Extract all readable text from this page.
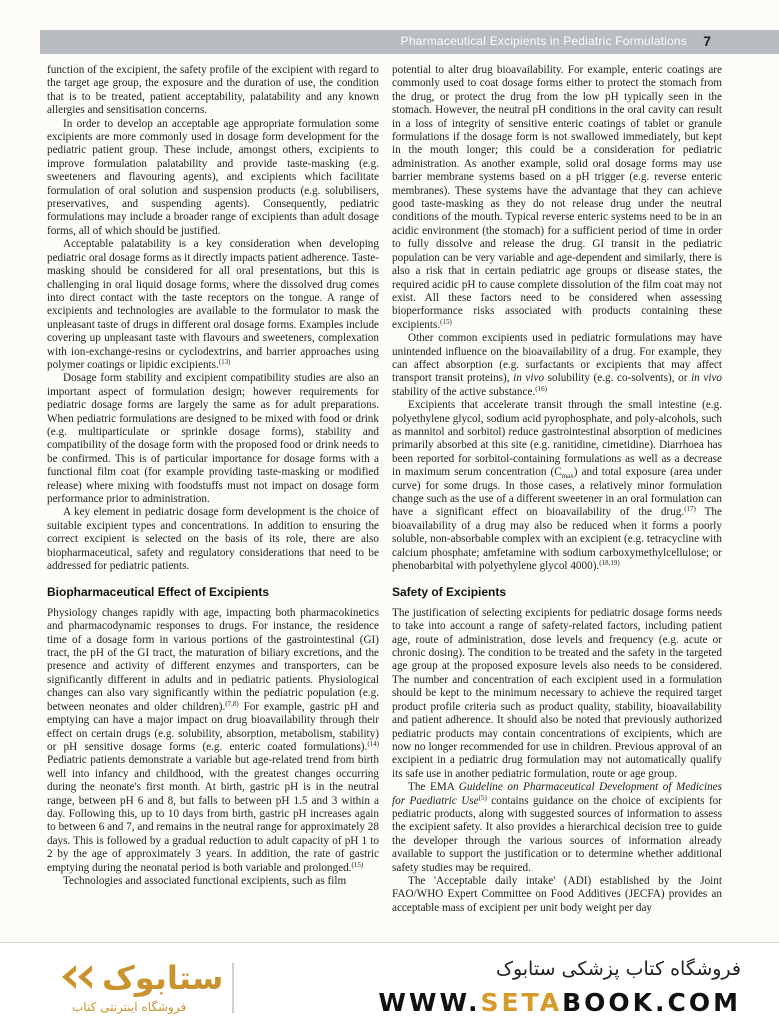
Pharmaceutical Excipients in Pediatric Formulations 7

function of the excipient, the safety profile of the excipient with regard to the target age group, the exposure and the duration of use, the condition that is to be treated, patient acceptability, palatability and any known allergies and sensitisation concerns.

In order to develop an acceptable age appropriate formulation some excipients are more commonly used in dosage form development for the pediatric patient group. These include, amongst others, excipients to improve formulation palatability and provide taste-masking (e.g. sweeteners and flavouring agents), and excipients which facilitate formulation of oral solution and suspension products (e.g. solubilisers, preservatives, and suspending agents). Consequently, pediatric formulations may include a broader range of excipients than adult dosage forms, all of which should be justified.

Acceptable palatability is a key consideration when developing pediatric oral dosage forms as it directly impacts patient adherence. Taste-masking should be considered for all oral presentations, but this is challenging in oral liquid dosage forms, where the dissolved drug comes into direct contact with the taste receptors on the tongue. A range of excipients and technologies are available to the formulator to mask the unpleasant taste of drugs in different oral dosage forms. Examples include covering up unpleasant taste with flavours and sweeteners, complexation with ion-exchange-resins or cyclodextrins, and barrier approaches using polymer coatings or lipidic excipients.$^{(13)}$

Dosage form stability and excipient compatibility studies are also an important aspect of formulation design; however requirements for pediatric dosage forms are largely the same as for adult preparations. When pediatric formulations are designed to be mixed with food or drink (e.g. multiparticulate or sprinkle dosage forms), stability and compatibility of the dosage form with the proposed food or drink needs to be confirmed. This is of particular importance for dosage forms with a functional film coat (for example providing taste-masking or modified release) where mixing with foodstuffs must not impact on dosage form performance prior to administration.

A key element in pediatric dosage form development is the choice of suitable excipient types and concentrations. In addition to ensuring the correct excipient is selected on the basis of its role, there are also biopharmaceutical, safety and regulatory considerations that need to be addressed for pediatric patients.

Biopharmaceutical Effect of Excipients

Physiology changes rapidly with age, impacting both pharmacokinetics and pharmacodynamic responses to drugs. For instance, the residence time of a dosage form in various portions of the gastrointestinal (GI) tract, the pH of the GI tract, the maturation of biliary excretions, and the presence and activity of different enzymes and transporters, can be significantly different in adults and in pediatric patients. Physiological changes can also vary significantly within the pediatric population (e.g. between neonates and older children).$^{(7,8)}$ For example, gastric pH and emptying can have a major impact on drug bioavailability through their effect on certain drugs (e.g. solubility, absorption, metabolism, stability) or pH sensitive dosage forms (e.g. enteric coated formulations).$^{(14)}$ Pediatric patients demonstrate a variable but age-related trend from birth well into infancy and childhood, with the greatest changes occurring during the neonate's first month. At birth, gastric pH is in the neutral range, between pH 6 and 8, but falls to between pH 1.5 and 3 within a day. Following this, up to 10 days from birth, gastric pH increases again to between 6 and 7, and remains in the neutral range for approximately 28 days. This is followed by a gradual reduction to adult capacity of pH 1 to 2 by the age of approximately 3 years. In addition, the rate of gastric emptying during the neonatal period is both variable and prolonged.$^{(15)}$

Technologies and associated functional excipients, such as film

potential to alter drug bioavailability. For example, enteric coatings are commonly used to coat dosage forms either to protect the stomach from the drug, or protect the drug from the low pH typically seen in the stomach. However, the neutral pH conditions in the oral cavity can result in a loss of integrity of sensitive enteric coatings of tablet or granule formulations if the dosage form is not swallowed immediately, but kept in the mouth longer; this could be a consideration for pediatric administration. As another example, solid oral dosage forms may use barrier membrane systems based on a pH trigger (e.g. reverse enteric membranes). These systems have the advantage that they can achieve good taste-masking as they do not release drug under the neutral conditions of the mouth. Typical reverse enteric systems need to be in an acidic environment (the stomach) for a sufficient period of time in order to fully dissolve and release the drug. GI transit in the pediatric population can be very variable and age-dependent and similarly, there is also a risk that in certain pediatric age groups or disease states, the required acidic pH to cause complete dissolution of the film coat may not exist. All these factors need to be considered when assessing bioperformance risks associated with products containing these excipients.$^{(15)}$

Other common excipients used in pediatric formulations may have unintended influence on the bioavailability of a drug. For example, they can affect absorption (e.g. surfactants or excipients that may affect transport transit proteins), in vivo solubility (e.g. co-solvents), or in vivo stability of the active substance.$^{(16)}$

Excipients that accelerate transit through the small intestine (e.g. polyethylene glycol, sodium acid pyrophosphate, and poly-alcohols, such as mannitol and sorbitol) reduce gastrointestinal absorption of medicines primarily absorbed at this site (e.g. ranitidine, cimetidine). Diarrhoea has been reported for sorbitol-containing formulations as well as a decrease in maximum serum concentration $(C_{max})$ and total exposure (area under curve) for some drugs. In those cases, a relatively minor formulation change such as the use of a different sweetener in an oral formulation can have a significant effect on bioavailability of the drug.$^{(17)}$ The bioavailability of a drug may also be reduced when it forms a poorly soluble, non-absorbable complex with an excipient (e.g. tetracycline with calcium phosphate; amfetamine with sodium carboxymethylcellulose; or phenobarbital with polyethylene glycol 4000).$^{(18,19)}$

Safety of Excipients

The justification of selecting excipients for pediatric dosage forms needs to take into account a range of safety-related factors, including patient age, route of administration, dose levels and frequency (e.g. acute or chronic dosing). The condition to be treated and the safety in the targeted age group at the proposed exposure levels also needs to be considered. The number and concentration of each excipient used in a formulation should be kept to the minimum necessary to achieve the required target product profile criteria such as product quality, stability, bioavailability and patient adherence. It should also be noted that previously authorized pediatric products may contain concentrations of excipients, which are now no longer recommended for use in children. Previous approval of an excipient in a pediatric drug formulation may not automatically qualify its safe use in another pediatric formulation, route or age group.

The EMA Guideline on Pharmaceutical Development of Medicines for Paediatric Use$^{(5)}$ contains guidance on the choice of excipients for pediatric products, along with suggested sources of information to assess the excipient safety. It also provides a hierarchical decision tree to guide the developer through the various sources of information already available to support the justification or to determine whether additional safety studies may be required.

The 'Acceptable daily intake' (ADI) established by the Joint FAO/WHO Expert Committee on Food Additives (JECFA) provides an acceptable mass of excipient per unit body weight per day

ستابوک
فروشگاه اینترنتی کتاب
فروشگاه کتاب پزشکی ستابوک
WWW.SETABOOK.COM
